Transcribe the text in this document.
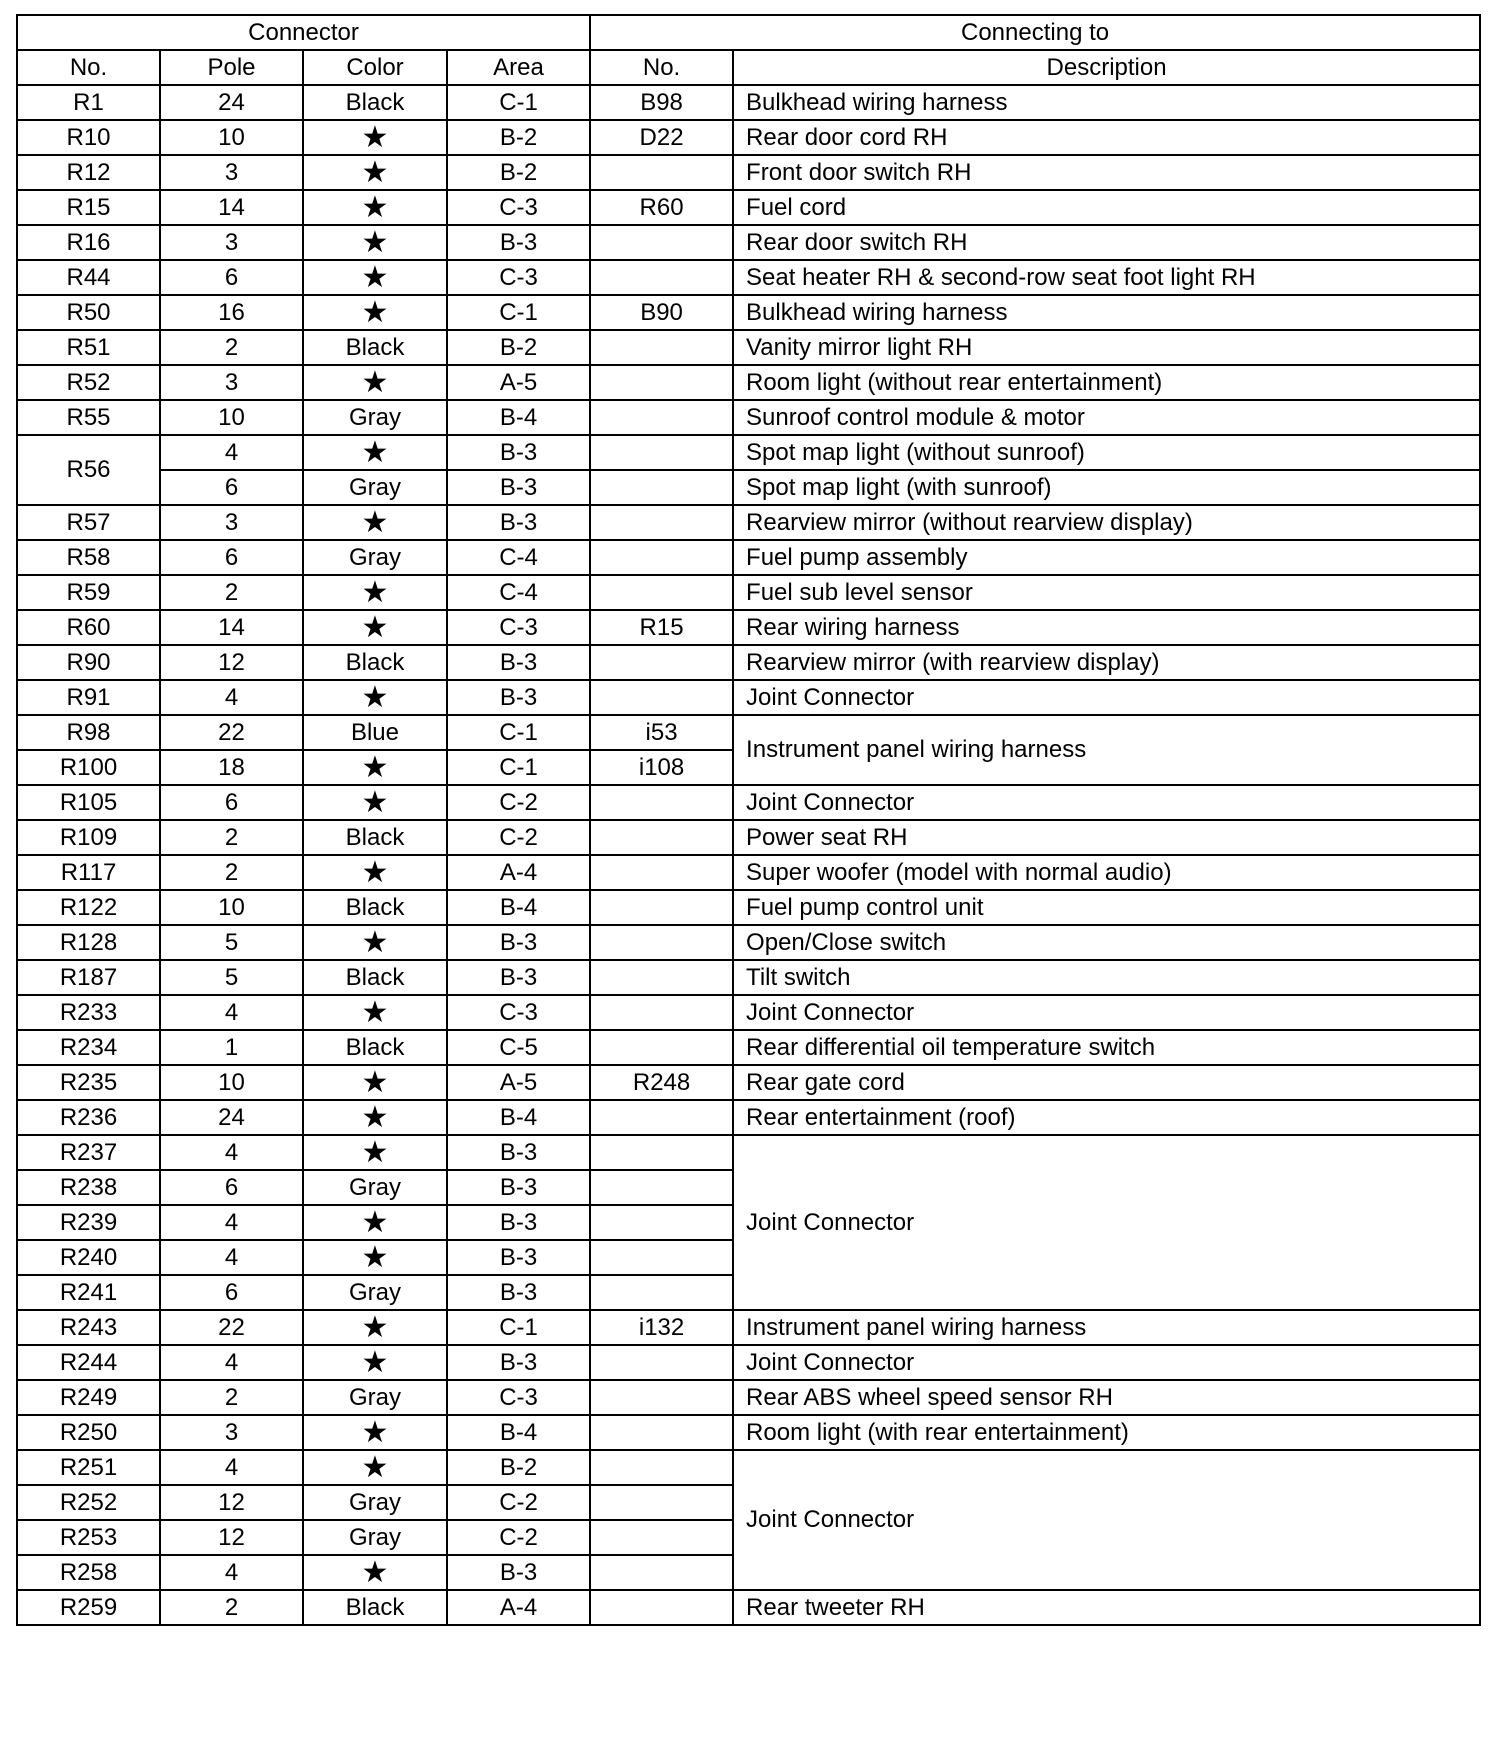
Connector				Connecting to	
No.	Pole	Color	Area	No.	Description
R1	24	Black	C-1	B98	Bulkhead wiring harness
R10	10	★	B-2	D22	Rear door cord RH
R12	3	★	B-2		Front door switch RH
R15	14	★	C-3	R60	Fuel cord
R16	3	★	B-3		Rear door switch RH
R44	6	★	C-3		Seat heater RH & second-row seat foot light RH
R50	16	★	C-1	B90	Bulkhead wiring harness
R51	2	Black	B-2		Vanity mirror light RH
R52	3	★	A-5		Room light (without rear entertainment)
R55	10	Gray	B-4		Sunroof control module & motor
R56	4	★	B-3		Spot map light (without sunroof)
	6	Gray	B-3		Spot map light (with sunroof)
R57	3	★	B-3		Rearview mirror (without rearview display)
R58	6	Gray	C-4		Fuel pump assembly
R59	2	★	C-4		Fuel sub level sensor
R60	14	★	C-3	R15	Rear wiring harness
R90	12	Black	B-3		Rearview mirror (with rearview display)
R91	4	★	B-3		Joint Connector
R98	22	Blue	C-1	i53	Instrument panel wiring harness
R100	18	★	C-1	i108	
R105	6	★	C-2		Joint Connector
R109	2	Black	C-2		Power seat RH
R117	2	★	A-4		Super woofer (model with normal audio)
R122	10	Black	B-4		Fuel pump control unit
R128	5	★	B-3		Open/Close switch
R187	5	Black	B-3		Tilt switch
R233	4	★	C-3		Joint Connector
R234	1	Black	C-5		Rear differential oil temperature switch
R235	10	★	A-5	R248	Rear gate cord
R236	24	★	B-4		Rear entertainment (roof)
R237	4	★	B-3		Joint Connector
R238	6	Gray	B-3		
R239	4	★	B-3		
R240	4	★	B-3		
R241	6	Gray	B-3		
R243	22	★	C-1	i132	Instrument panel wiring harness
R244	4	★	B-3		Joint Connector
R249	2	Gray	C-3		Rear ABS wheel speed sensor RH
R250	3	★	B-4		Room light (with rear entertainment)
R251	4	★	B-2		Joint Connector
R252	12	Gray	C-2		
R253	12	Gray	C-2		
R258	4	★	B-3		
R259	2	Black	A-4		Rear tweeter RH
